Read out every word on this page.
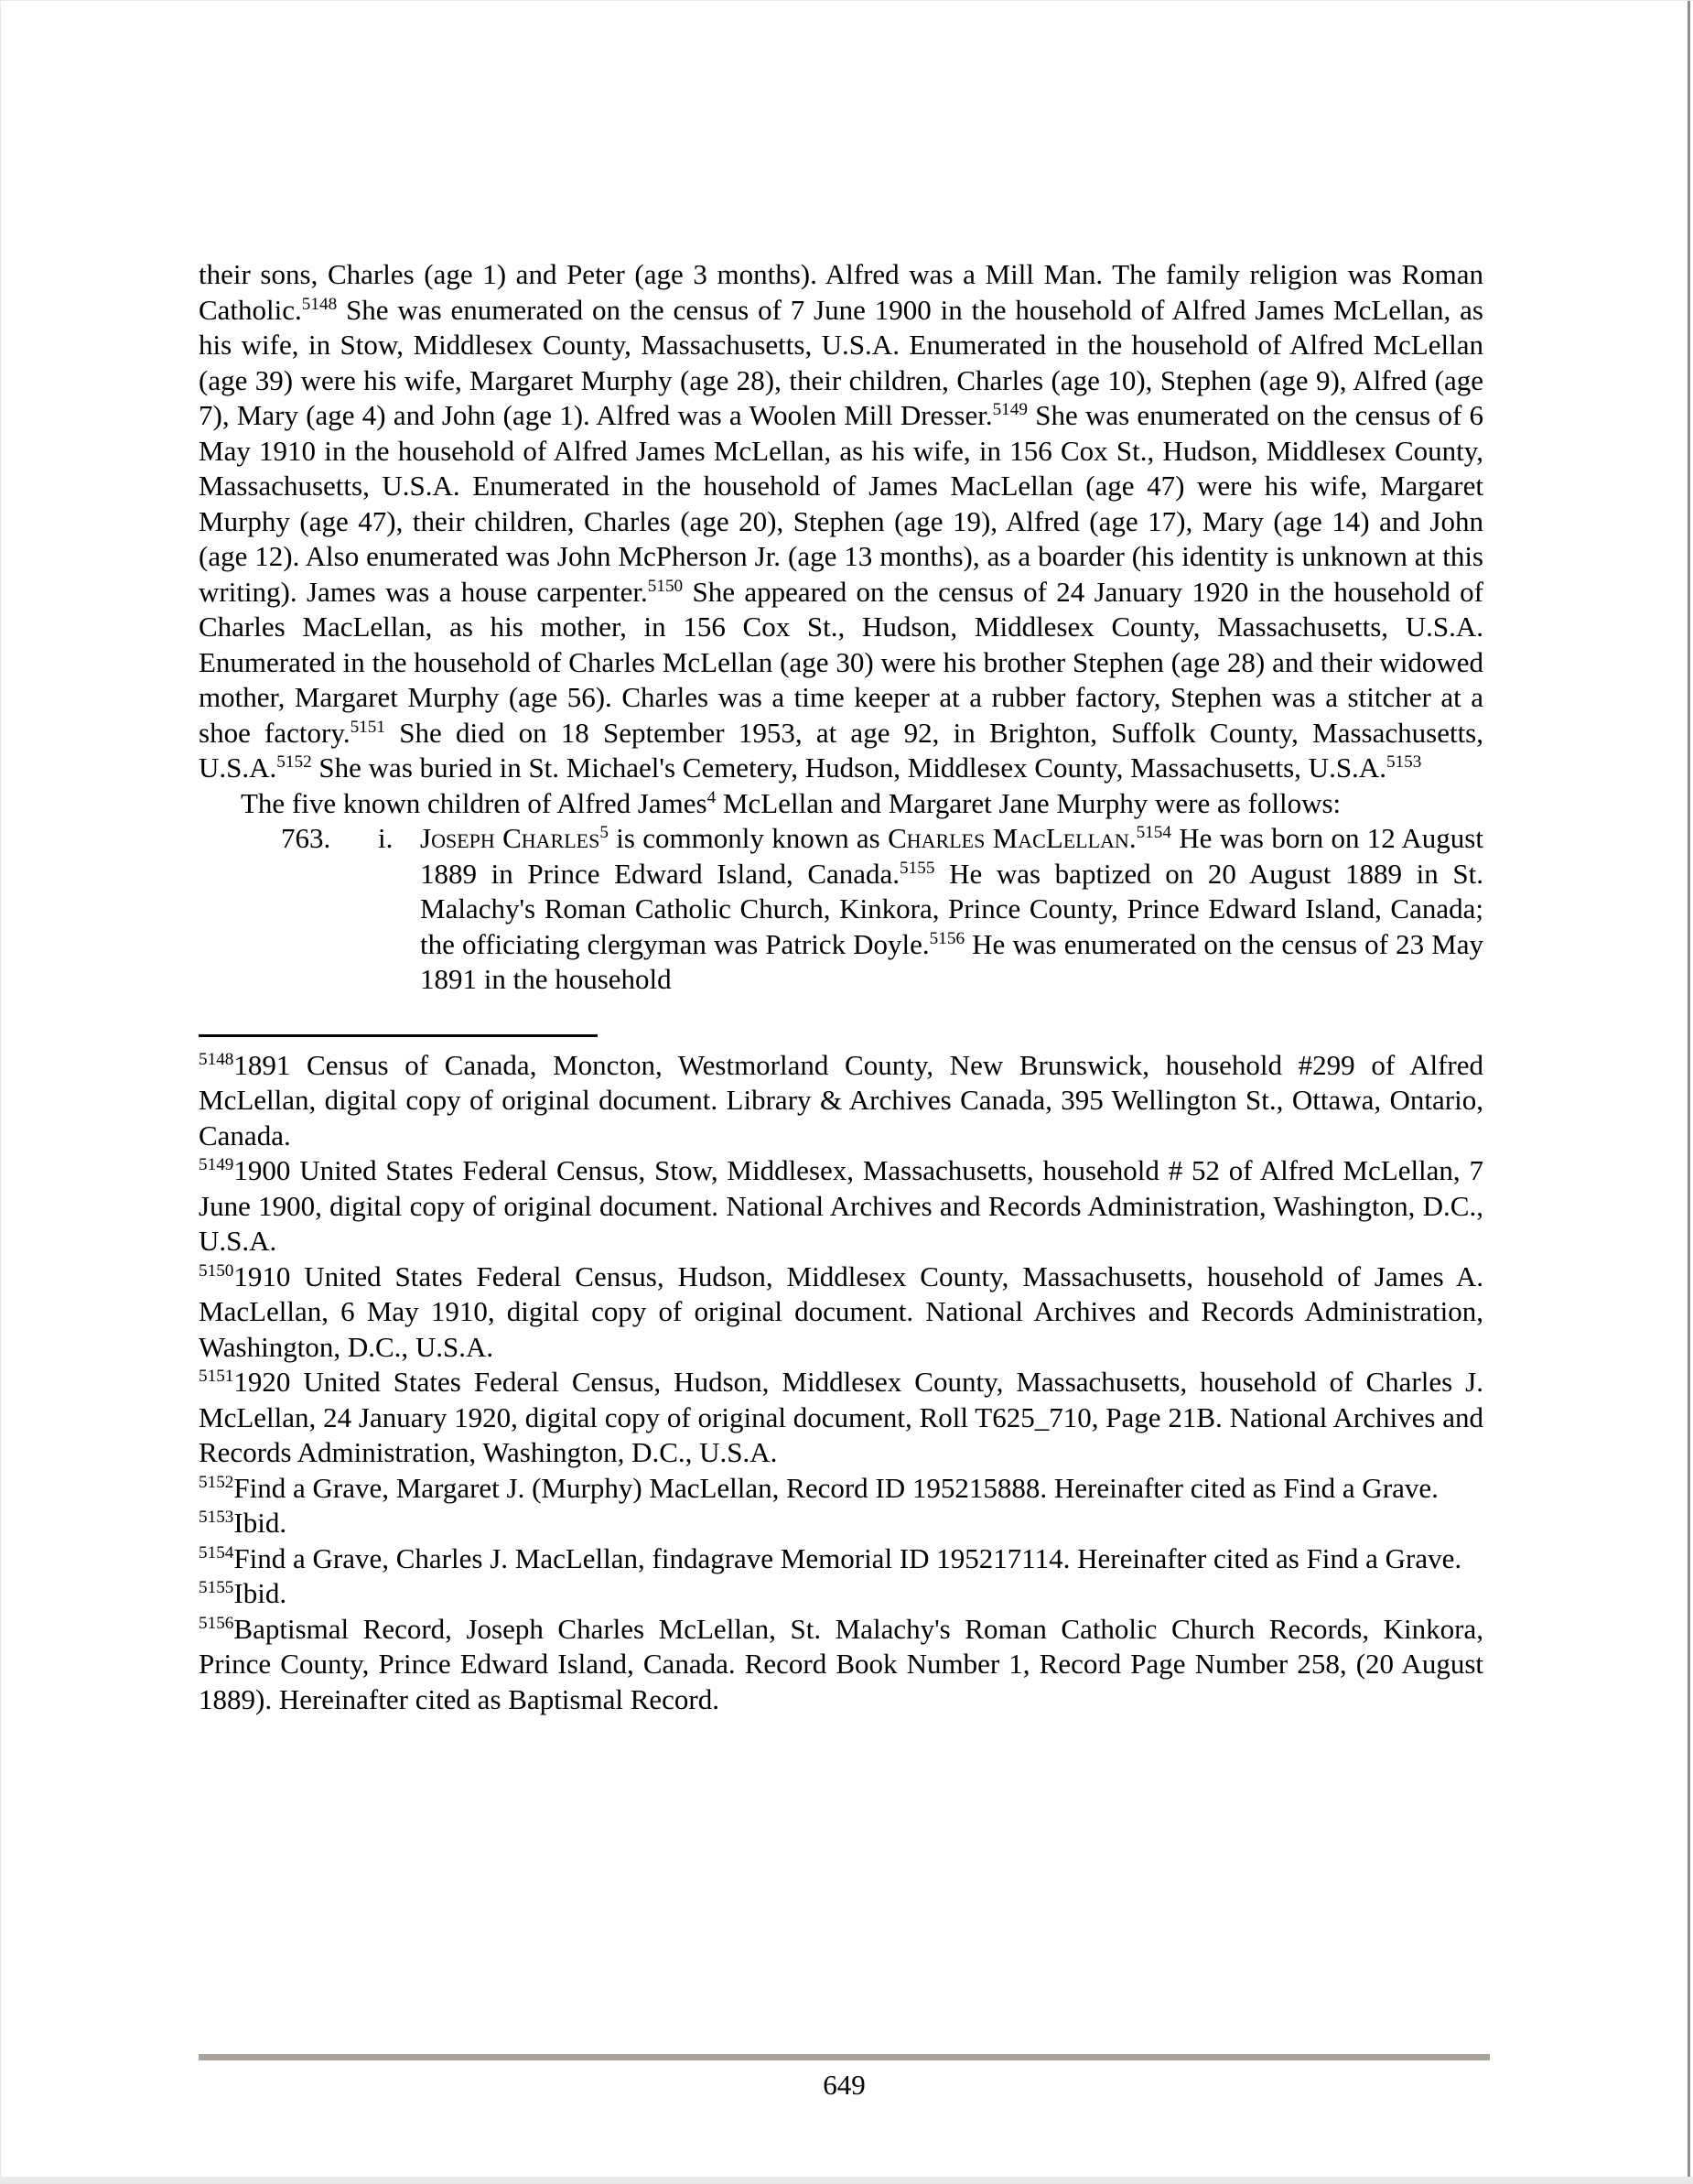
their sons, Charles (age 1) and Peter (age 3 months). Alfred was a Mill Man. The family religion was Roman Catholic.$^{5148}$ She was enumerated on the census of 7 June 1900 in the household of Alfred James McLellan, as his wife, in Stow, Middlesex County, Massachusetts, U.S.A. Enumerated in the household of Alfred McLellan (age 39) were his wife, Margaret Murphy (age 28), their children, Charles (age 10), Stephen (age 9), Alfred (age 7), Mary (age 4) and John (age 1). Alfred was a Woolen Mill Dresser.$^{5149}$ She was enumerated on the census of 6 May 1910 in the household of Alfred James McLellan, as his wife, in 156 Cox St., Hudson, Middlesex County, Massachusetts, U.S.A. Enumerated in the household of James MacLellan (age 47) were his wife, Margaret Murphy (age 47), their children, Charles (age 20), Stephen (age 19), Alfred (age 17), Mary (age 14) and John (age 12). Also enumerated was John McPherson Jr. (age 13 months), as a boarder (his identity is unknown at this writing). James was a house carpenter.$^{5150}$ She appeared on the census of 24 January 1920 in the household of Charles MacLellan, as his mother, in 156 Cox St., Hudson, Middlesex County, Massachusetts, U.S.A. Enumerated in the household of Charles McLellan (age 30) were his brother Stephen (age 28) and their widowed mother, Margaret Murphy (age 56). Charles was a time keeper at a rubber factory, Stephen was a stitcher at a shoe factory.$^{5151}$ She died on 18 September 1953, at age 92, in Brighton, Suffolk County, Massachusetts, U.S.A.$^{5152}$ She was buried in St. Michael's Cemetery, Hudson, Middlesex County, Massachusetts, U.S.A.$^{5153}$

The five known children of Alfred James$^4$ McLellan and Margaret Jane Murphy were as follows:

763.	i. Joseph Charles$^5$ is commonly known as Charles MacLellan.$^{5154}$ He was born on 12 August 1889 in Prince Edward Island, Canada.$^{5155}$ He was baptized on 20 August 1889 in St. Malachy's Roman Catholic Church, Kinkora, Prince County, Prince Edward Island, Canada; the officiating clergyman was Patrick Doyle.$^{5156}$ He was enumerated on the census of 23 May 1891 in the household

$^{5148}$1891 Census of Canada, Moncton, Westmorland County, New Brunswick, household #299 of Alfred McLellan, digital copy of original document. Library & Archives Canada, 395 Wellington St., Ottawa, Ontario, Canada.

$^{5149}$1900 United States Federal Census, Stow, Middlesex, Massachusetts, household # 52 of Alfred McLellan, 7 June 1900, digital copy of original document. National Archives and Records Administration, Washington, D.C., U.S.A.

$^{5150}$1910 United States Federal Census, Hudson, Middlesex County, Massachusetts, household of James A. MacLellan, 6 May 1910, digital copy of original document. National Archives and Records Administration, Washington, D.C., U.S.A.

$^{5151}$1920 United States Federal Census, Hudson, Middlesex County, Massachusetts, household of Charles J. McLellan, 24 January 1920, digital copy of original document, Roll T625_710, Page 21B. National Archives and Records Administration, Washington, D.C., U.S.A.

$^{5152}$Find a Grave, Margaret J. (Murphy) MacLellan, Record ID 195215888. Hereinafter cited as Find a Grave.

$^{5153}$Ibid.

$^{5154}$Find a Grave, Charles J. MacLellan, findagrave Memorial ID 195217114. Hereinafter cited as Find a Grave.

$^{5155}$Ibid.

$^{5156}$Baptismal Record, Joseph Charles McLellan, St. Malachy's Roman Catholic Church Records, Kinkora, Prince County, Prince Edward Island, Canada. Record Book Number 1, Record Page Number 258, (20 August 1889). Hereinafter cited as Baptismal Record.

649
